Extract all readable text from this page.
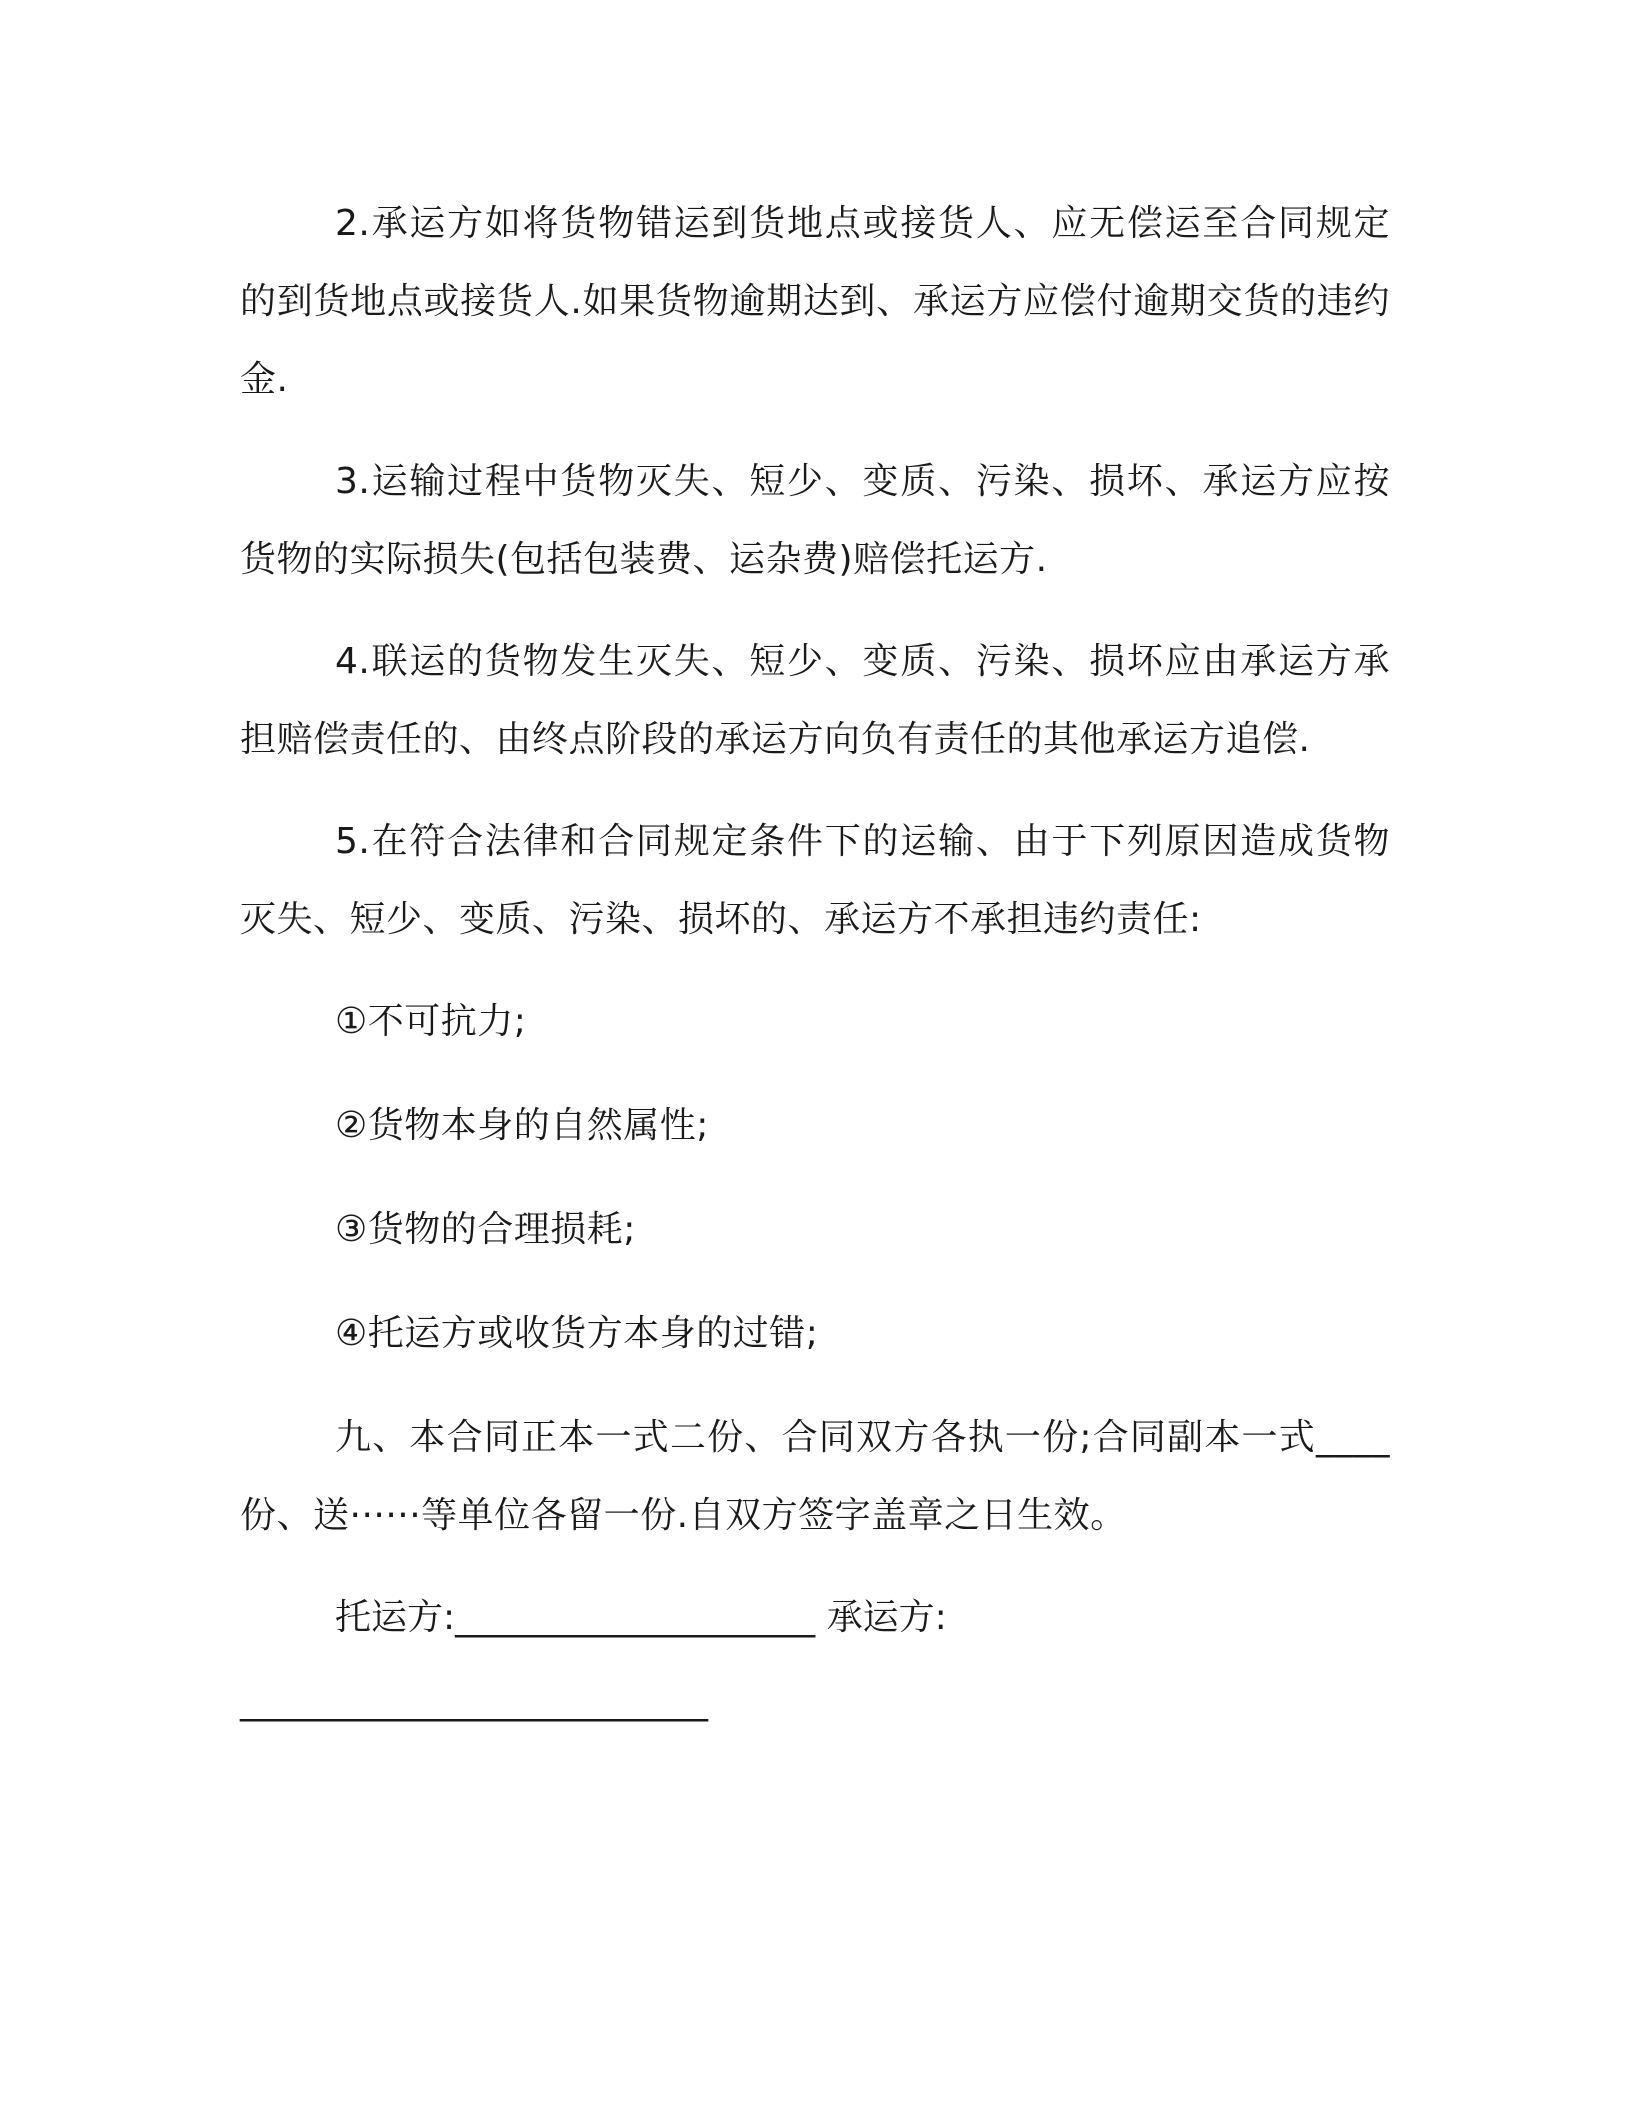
2.承运方如将货物错运到货地点或接货人、应无偿运至合同规定的到货地点或接货人.如果货物逾期达到、承运方应偿付逾期交货的违约金.

3.运输过程中货物灭失、短少、变质、污染、损坏、承运方应按货物的实际损失(包括包装费、运杂费)赔偿托运方.

4.联运的货物发生灭失、短少、变质、污染、损坏应由承运方承担赔偿责任的、由终点阶段的承运方向负有责任的其他承运方追偿.

5.在符合法律和合同规定条件下的运输、由于下列原因造成货物灭失、短少、变质、污染、损坏的、承运方不承担违约责任:

①不可抗力;

②货物本身的自然属性;

③货物的合理损耗;

④托运方或收货方本身的过错;

九、本合同正本一式二份、合同双方各执一份;合同副本一式____份、送······等单位各留一份.自双方签字盖章之日生效。

托运方:____________________ 承运方:

__________________________
